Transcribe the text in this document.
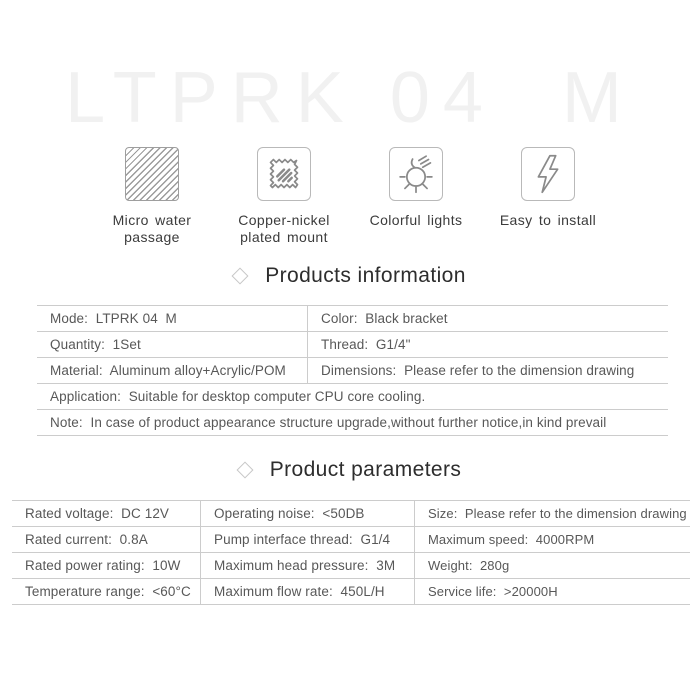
LTPRK 04  M
Micro water passage
Copper-nickel plated mount
Colorful lights	Easy to install
Products information
Mode:  LTPRK 04  M	Color:  Black bracket
Quantity:  1Set	Thread:  G1/4"
Material:  Aluminum alloy+Acrylic/POM	Dimensions:  Please refer to the dimension drawing
Application:  Suitable for desktop computer CPU core cooling.
Note:  In case of product appearance structure upgrade,without further notice,in kind prevail
Product parameters
Rated voltage:  DC 12V	Operating noise:  <50DB	Size:  Please refer to the dimension drawing
Rated current:  0.8A	Pump interface thread:  G1/4	Maximum speed:  4000RPM
Rated power rating:  10W	Maximum head pressure:  3M	Weight:  280g
Temperature range:  <60°C	Maximum flow rate:  450L/H	Service life:  >20000H
